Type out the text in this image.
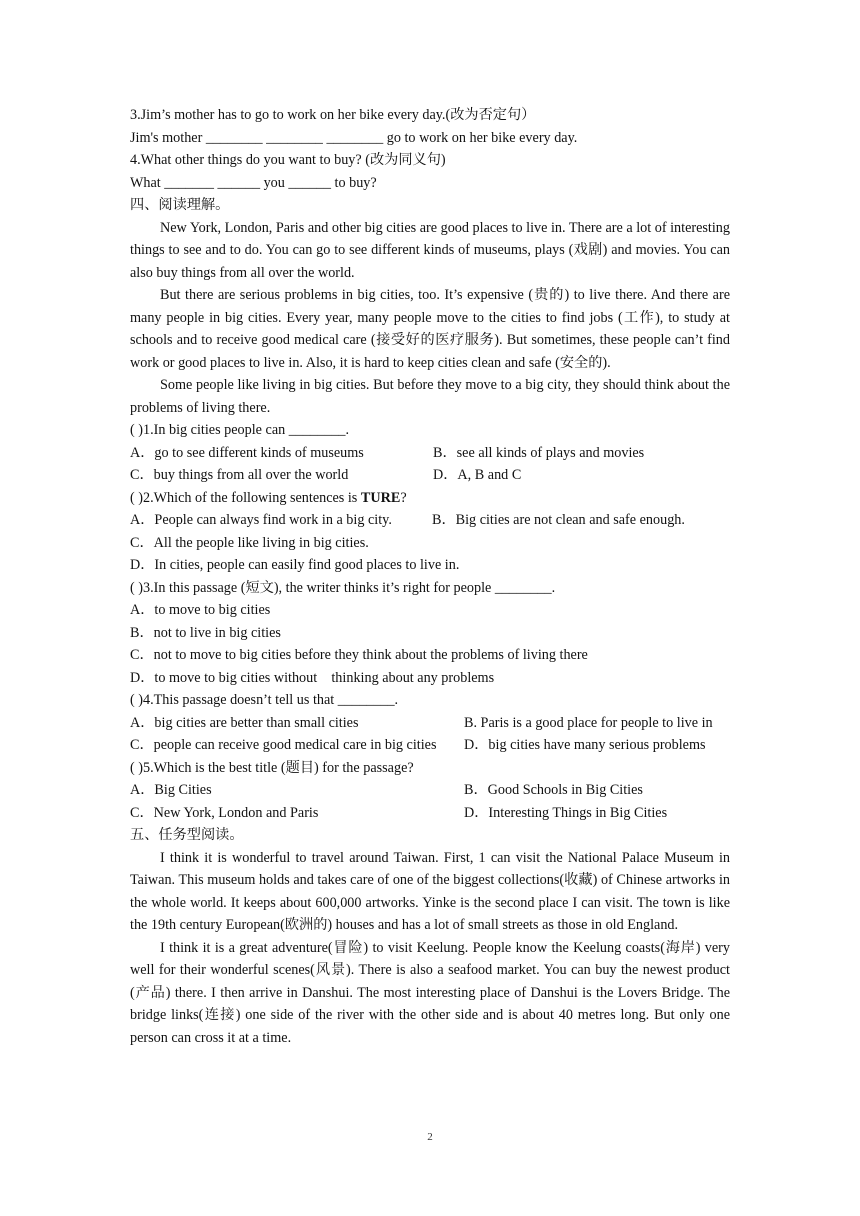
3.Jim’s mother has to go to work on her bike every day.(改为否定句）
Jim's mother ________ ________ ________ go to work on her bike every day.
4.What other things do you want to buy? (改为同义句)
What _______ ______ you ______ to buy?
四、阅读理解。
New York, London, Paris and other big cities are good places to live in. There are a lot of interesting things to see and to do. You can go to see different kinds of museums, plays (戏剧) and movies. You can also buy things from all over the world.
But there are serious problems in big cities, too. It’s expensive (贵的) to live there. And there are many people in big cities. Every year, many people move to the cities to find jobs (工作), to study at schools and to receive good medical care (接受好的医疗服务). But sometimes, these people can’t find work or good places to live in. Also, it is hard to keep cities clean and safe (安全的).
Some people like living in big cities. But before they move to a big city, they should think about the problems of living there.
( )1.In big cities people can ________.
A．go to see different kinds of museums	B．see all kinds of plays and movies
C．buy things from all over the world	D．A, B and C
( )2.Which of the following sentences is TURE?
A．People can always find work in a big city.	B．Big cities are not clean and safe enough.
C．All the people like living in big cities.
D．In cities, people can easily find good places to live in.
( )3.In this passage (短文), the writer thinks it’s right for people ________.
A．to move to big cities
B．not to live in big cities
C．not to move to big cities before they think about the problems of living there
D．to move to big cities without    thinking about any problems
( )4.This passage doesn’t tell us that ________.
A．big cities are better than small cities	B. Paris is a good place for people to live in
C．people can receive good medical care in big cities	D．big cities have many serious problems
( )5.Which is the best title (题目) for the passage?
A．Big Cities	B．Good Schools in Big Cities
C．New York, London and Paris	D．Interesting Things in Big Cities
五、任务型阅读。
I think it is wonderful to travel around Taiwan. First, 1 can visit the National Palace Museum in Taiwan. This museum holds and takes care of one of the biggest collections(收藏) of Chinese artworks in the whole world. It keeps about 600,000 artworks. Yinke is the second place I can visit. The town is like the 19th century European(欧洲的) houses and has a lot of small streets as those in old England.
I think it is a great adventure(冒险) to visit Keelung. People know the Keelung coasts(海岸) very well for their wonderful scenes(风景). There is also a seafood market. You can buy the newest product (产品) there. I then arrive in Danshui. The most interesting place of Danshui is the Lovers Bridge. The bridge links(连接) one side of the river with the other side and is about 40 metres long. But only one person can cross it at a time.
2
